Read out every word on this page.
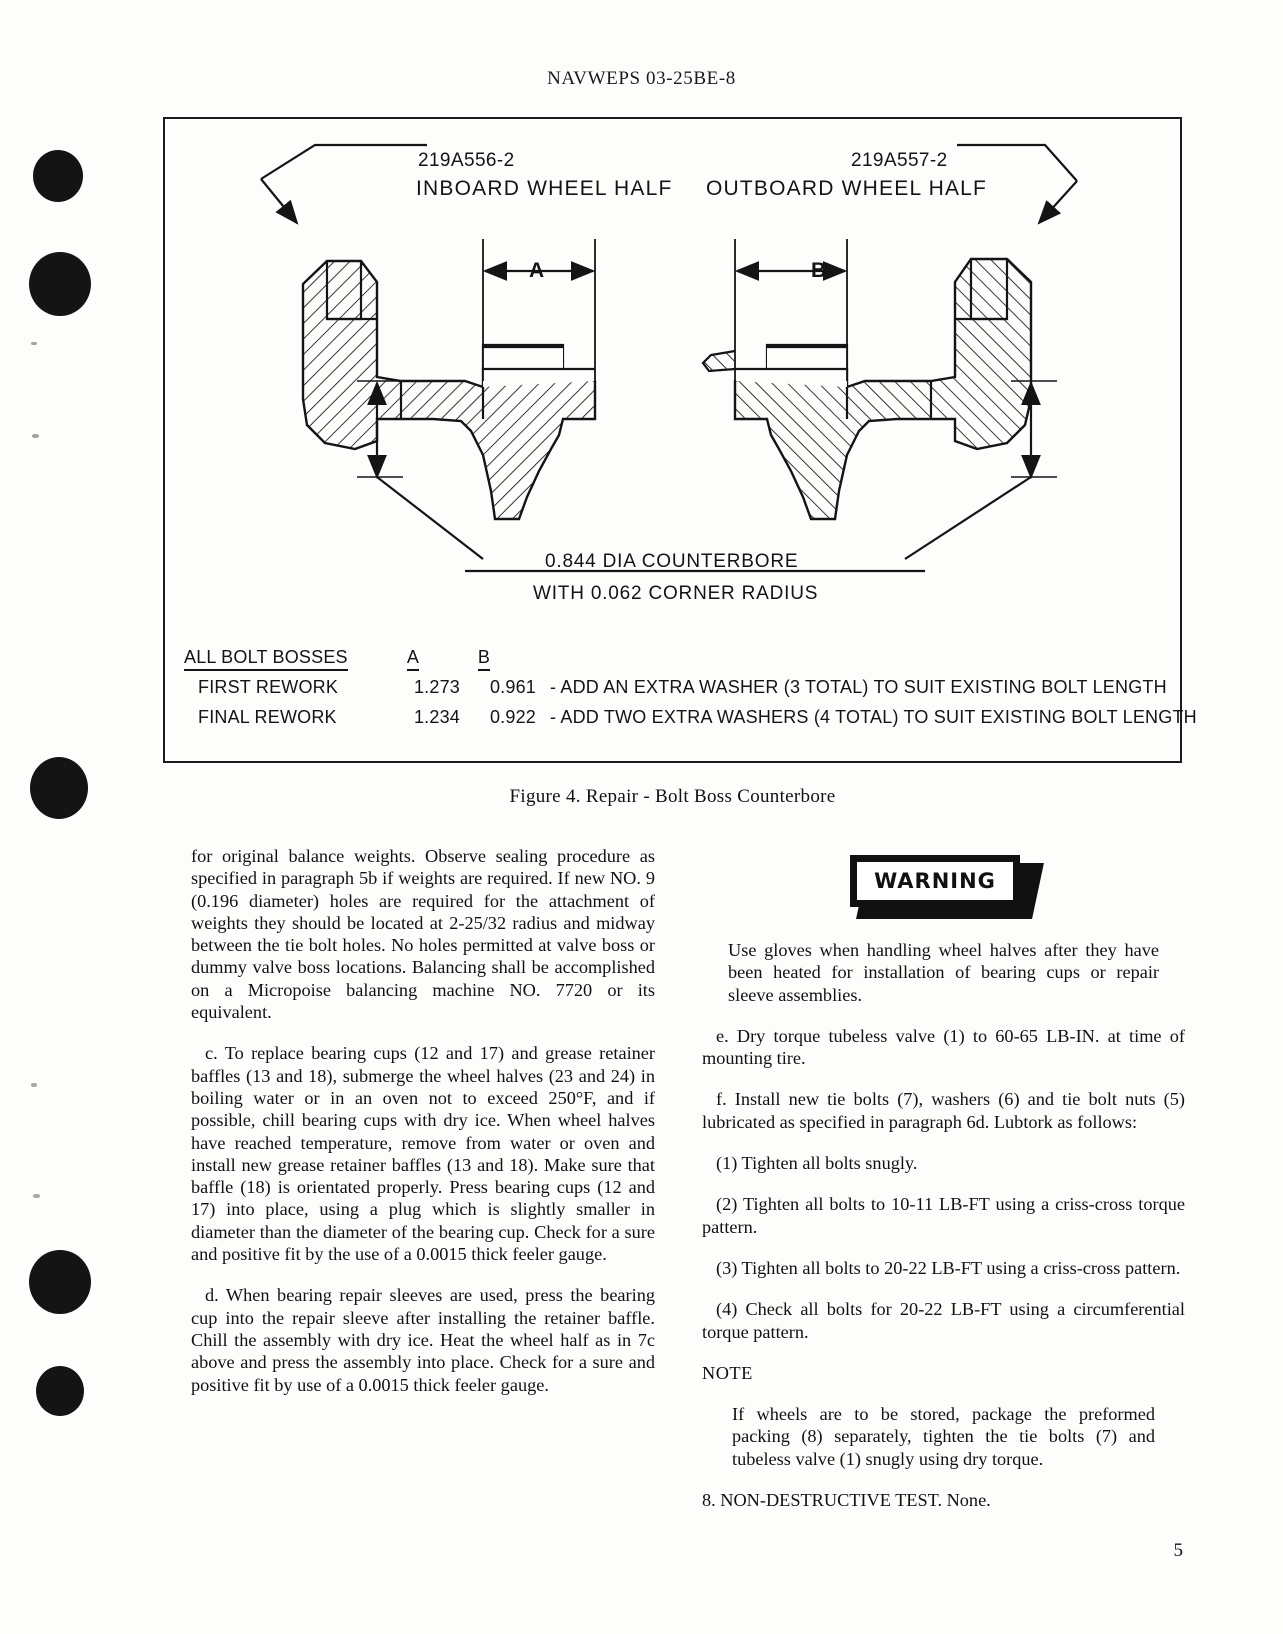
NAVWEPS 03-25BE-8
219A556-2
INBOARD WHEEL HALF
219A557-2
OUTBOARD WHEEL HALF
A	B
0.844 DIA COUNTERBORE
WITH 0.062 CORNER RADIUS
ALL BOLT BOSSES	A	B
FIRST REWORK	1.273	0.961 - ADD AN EXTRA WASHER (3 TOTAL) TO SUIT EXISTING BOLT LENGTH
FINAL REWORK	1.234	0.922 - ADD TWO EXTRA WASHERS (4 TOTAL) TO SUIT EXISTING BOLT LENGTH
Figure 4. Repair - Bolt Boss Counterbore

for original balance weights. Observe sealing procedure as specified in paragraph 5b if weights are required. If new NO. 9 (0.196 diameter) holes are required for the attachment of weights they should be located at 2-25/32 radius and midway between the tie bolt holes. No holes permitted at valve boss or dummy valve boss locations. Balancing shall be accomplished on a Micropoise balancing machine NO. 7720 or its equivalent.

c. To replace bearing cups (12 and 17) and grease retainer baffles (13 and 18), submerge the wheel halves (23 and 24) in boiling water or in an oven not to exceed 250°F, and if possible, chill bearing cups with dry ice. When wheel halves have reached temperature, remove from water or oven and install new grease retainer baffles (13 and 18). Make sure that baffle (18) is orientated properly. Press bearing cups (12 and 17) into place, using a plug which is slightly smaller in diameter than the diameter of the bearing cup. Check for a sure and positive fit by the use of a 0.0015 thick feeler gauge.

d. When bearing repair sleeves are used, press the bearing cup into the repair sleeve after installing the retainer baffle. Chill the assembly with dry ice. Heat the wheel half as in 7c above and press the assembly into place. Check for a sure and positive fit by use of a 0.0015 thick feeler gauge.

WARNING

Use gloves when handling wheel halves after they have been heated for installation of bearing cups or repair sleeve assemblies.

e. Dry torque tubeless valve (1) to 60-65 LB-IN. at time of mounting tire.

f. Install new tie bolts (7), washers (6) and tie bolt nuts (5) lubricated as specified in paragraph 6d. Lubtork as follows:

(1) Tighten all bolts snugly.

(2) Tighten all bolts to 10-11 LB-FT using a criss-cross torque pattern.

(3) Tighten all bolts to 20-22 LB-FT using a criss-cross pattern.

(4) Check all bolts for 20-22 LB-FT using a circumferential torque pattern.

NOTE

If wheels are to be stored, package the preformed packing (8) separately, tighten the tie bolts (7) and tubeless valve (1) snugly using dry torque.

8. NON-DESTRUCTIVE TEST. None.

5
